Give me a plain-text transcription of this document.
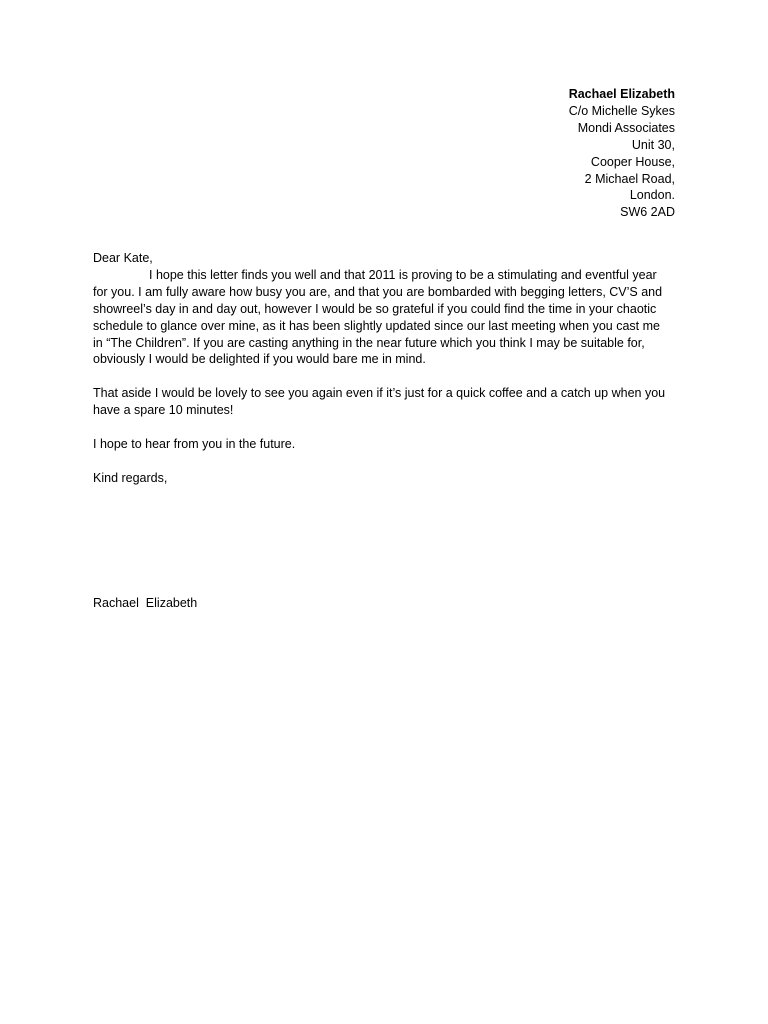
Rachael Elizabeth
C/o Michelle Sykes
Mondi Associates
Unit 30,
Cooper House,
2 Michael Road,
London.
SW6 2AD

Dear Kate,

I hope this letter finds you well and that 2011 is proving to be a stimulating and eventful year for you. I am fully aware how busy you are, and that you are bombarded with begging letters, CV’S and showreel’s day in and day out, however I would be so grateful if you could find the time in your chaotic schedule to glance over mine, as it has been slightly updated since our last meeting when you cast me in “The Children”. If you are casting anything in the near future which you think I may be suitable for, obviously I would be delighted if you would bare me in mind.

That aside I would be lovely to see you again even if it’s just for a quick coffee and a catch up when you have a spare 10 minutes!

I hope to hear from you in the future.

Kind regards,

Rachael  Elizabeth
